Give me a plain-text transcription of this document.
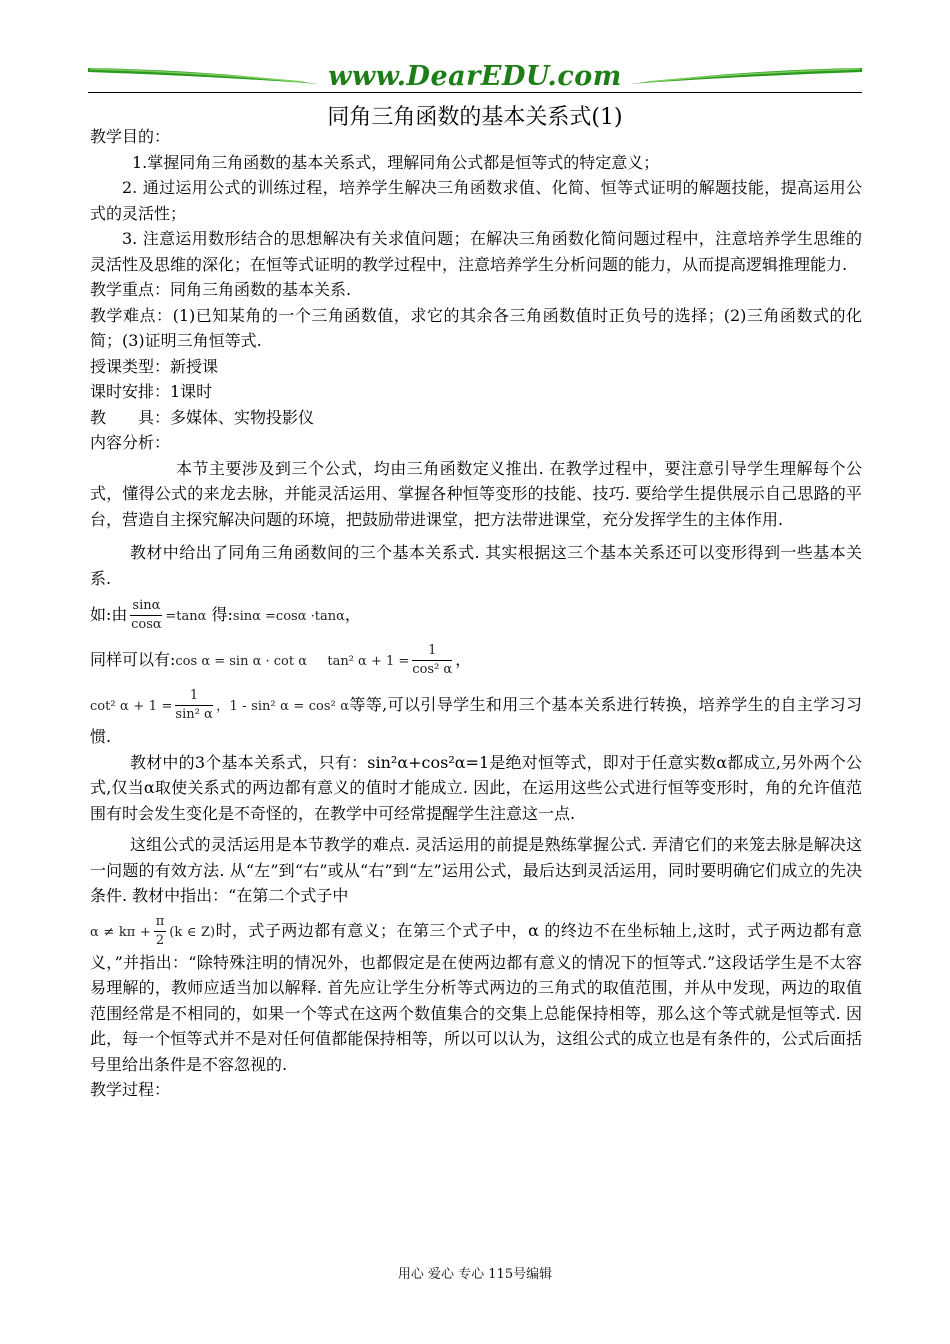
www.DearEDU.com
同角三角函数的基本关系式(1)

教学目的：

1.掌握同角三角函数的基本关系式，理解同角公式都是恒等式的特定意义；

2. 通过运用公式的训练过程，培养学生解决三角函数求值、化简、恒等式证明的解题技能，提高运用公式的灵活性；

3. 注意运用数形结合的思想解决有关求值问题；在解决三角函数化简问题过程中，注意培养学生思维的灵活性及思维的深化；在恒等式证明的教学过程中，注意培养学生分析问题的能力，从而提高逻辑推理能力.

教学重点：同角三角函数的基本关系.

教学难点：(1)已知某角的一个三角函数值，求它的其余各三角函数值时正负号的选择；(2)三角函数式的化简；(3)证明三角恒等式.

授课类型：新授课

课时安排：1课时

教　　具：多媒体、实物投影仪

内容分析：

本节主要涉及到三个公式，均由三角函数定义推出. 在教学过程中，要注意引导学生理解每个公式，懂得公式的来龙去脉，并能灵活运用、掌握各种恒等变形的技能、技巧. 要给学生提供展示自己思路的平台，营造自主探究解决问题的环境，把鼓励带进课堂，把方法带进课堂，充分发挥学生的主体作用.

教材中给出了同角三角函数间的三个基本关系式. 其实根据这三个基本关系还可以变形得到一些基本关系.

如:由 $\frac{\sin\alpha}{\cos\alpha} =\tan\alpha$ 得:sinα =cosα ·tanα，

同样可以有:cos α = sin α · cot α tan² $\alpha + 1 = \frac{1}{\text{cos² α}}$ ，

cot² $\alpha + 1 = \frac{1}{\text{sin² α}}$ ，1 - sin² α = cos² α等等,可以引导学生和用三个基本关系进行转换，培养学生的自主学习习惯.

教材中的3个基本关系式，只有：sin²α+cos²α=1是绝对恒等式，即对于任意实数α都成立,另外两个公式,仅当α取使关系式的两边都有意义的值时才能成立. 因此，在运用这些公式进行恒等变形时，角的允许值范围有时会发生变化是不奇怪的，在教学中可经常提醒学生注意这一点.

这组公式的灵活运用是本节教学的难点. 灵活运用的前提是熟练掌握公式. 弄清它们的来笼去脉是解决这一问题的有效方法. 从“左”到“右”或从“右”到“左”运用公式，最后达到灵活运用，同时要明确它们成立的先决条件. 教材中指出：“在第二个式子中

$\alpha \ne k\pi + \frac{\pi}{2} (k$ ∈ Z)时，式子两边都有意义；在第三个式子中，α 的终边不在坐标轴上,这时，式子两边都有意义，”并指出：“除特殊注明的情况外，也都假定是在使两边都有意义的情况下的恒等式.”这段话学生是不太容易理解的，教师应适当加以解释. 首先应让学生分析等式两边的三角式的取值范围，并从中发现，两边的取值范围经常是不相同的，如果一个等式在这两个数值集合的交集上总能保持相等，那么这个等式就是恒等式. 因此，每一个恒等式并不是对任何值都能保持相等，所以可以认为，这组公式的成立也是有条件的，公式后面括号里给出条件是不容忽视的.

教学过程：

用心 爱心 专心 115号编辑
